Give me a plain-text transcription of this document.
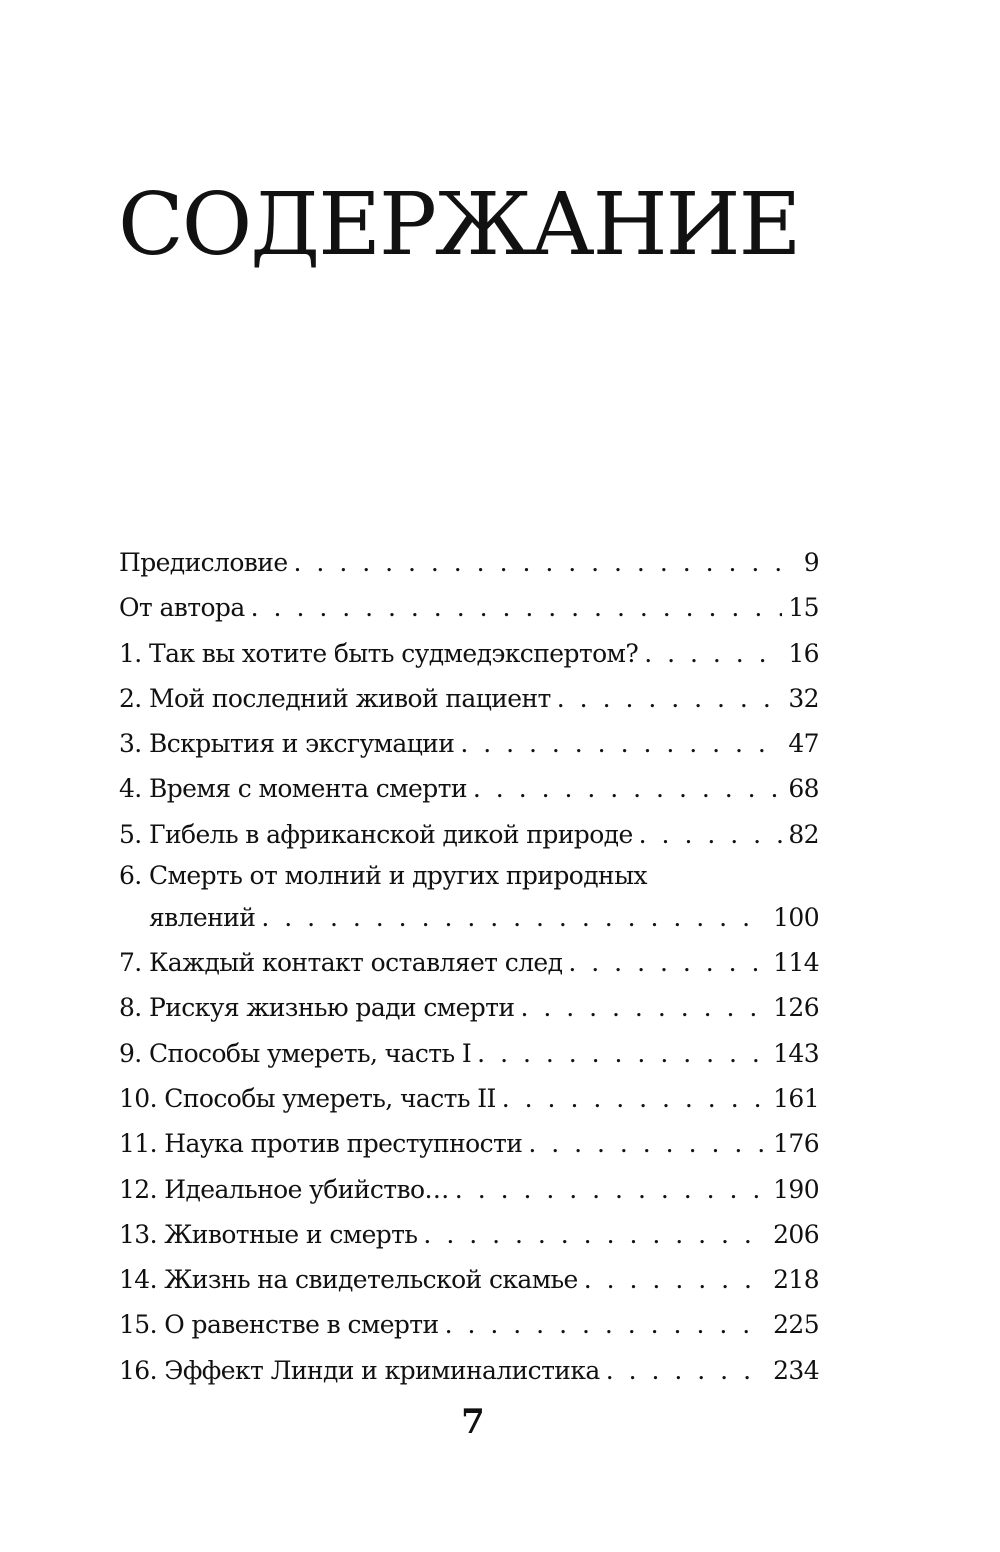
СОДЕРЖАНИЕ
Предисловие . . .	9
От автора . . .	15
1. Так вы хотите быть судмедэкспертом? . . .	16
2. Мой последний живой пациент . . .	32
3. Вскрытия и эксгумации . . .	47
4. Время с момента смерти . . .	68
5. Гибель в африканской дикой природе . . .	82
6. Смерть от молний и других природных
явлений . . .	100
7. Каждый контакт оставляет след . . .	114
8. Рискуя жизнью ради смерти . . .	126
9. Способы умереть, часть I . . .	143
10. Способы умереть, часть II . . .	161
11. Наука против преступности . . .	176
12. Идеальное убийство… . . .	190
13. Животные и смерть . . .	206
14. Жизнь на свидетельской скамье . . .	218
15. О равенстве в смерти . . .	225
16. Эффект Линди и криминалистика . . .	234
7
